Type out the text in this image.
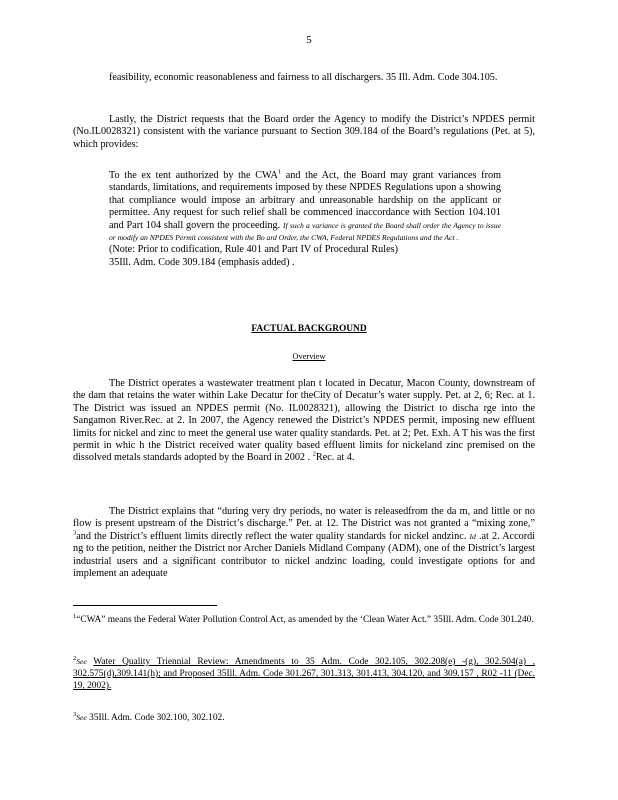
5

feasibility, economic reasonableness and fairness to all dischargers. 35 Ill. Adm. Code 304.105.

Lastly, the District requests that the Board order the Agency to modify the District’s NPDES permit (No.IL0028321) consistent with the variance pursuant to Section 309.184 of the Board’s regulations (Pet. at 5), which provides:

To the ex tent authorized by the CWA$^1$ and the Act, the Board may grant variances from standards, limitations, and requirements imposed by these NPDES Regulations upon a showing that compliance would impose an arbitrary and unreasonable hardship on the applicant or permittee. Any request for such relief shall be commenced inaccordance with Section 104.101 and Part 104 shall govern the proceeding. If such a variance is granted the Board shall order the Agency to issue or modify an NPDES Permit consistent with the Bo ard Order, the CWA, Federal NPDES Regulations and the Act .
(Note: Prior to codification, Rule 401 and Part IV of Procedural Rules)
35Ill. Adm. Code 309.184 (emphasis added) .
FACTUAL BACKGROUND
Overview

The District operates a wastewater treatment plan t located in Decatur, Macon County, downstream of the dam that retains the water within Lake Decatur for theCity of Decatur’s water supply. Pet. at 2, 6; Rec. at 1. The District was issued an NPDES permit (No. IL0028321), allowing the District to discha rge into the Sangamon River.Rec. at 2. In 2007, the Agency renewed the District’s NPDES permit, imposing new effluent limits for nickel and zinc to meet the general use water quality standards. Pet. at 2; Pet. Exh. A T his was the first permit in whic h the District received water quality based effluent limits for nickeland zinc premised on the dissolved metals standards adopted by the Board in 2002 . $^2$Rec. at 4.

The District explains that “during very dry periods, no water is releasedfrom the da m, and little or no flow is present upstream of the District’s discharge.” Pet. at 12. The District was not granted a “mixing zone,” $^3$and the District’s effluent limits directly reflect the water quality standards for nickel andzinc. Id .at 2. Accordi ng to the petition, neither the District nor Archer Daniels Midland Company (ADM), one of the District’s largest industrial users and a significant contributor to nickel andzinc loading, could investigate options for and implement an adequate

$^1$“CWA” means the Federal Water Pollution Control Act, as amended by the ‘Clean Water Act.” 35Ill. Adm. Code 301.240.

$^2$See Water Quality Triennial Review: Amendments to 35 Adm. Code 302.105, 302.208(e) -(g), 302.504(a) , 302.575(d),309.141(h); and Proposed 35Ill. Adm. Code 301.267, 301.313, 301.413, 304.120, and 309.157 , R02 -11 (Dec. 19, 2002).

$^3$See 35Ill. Adm. Code 302.100, 302.102.
